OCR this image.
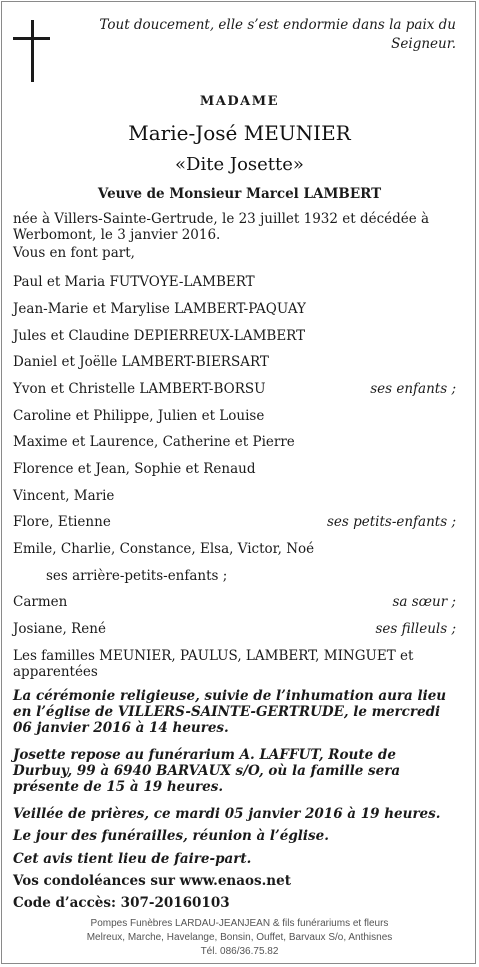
Tout doucement, elle s’est endormie dans la paix du Seigneur.
MADAME
Marie-José MEUNIER
«Dite Josette»
Veuve de Monsieur Marcel LAMBERT
née à Villers-Sainte-Gertrude, le 23 juillet 1932 et décédée à Werbomont, le 3 janvier 2016.
Vous en font part,
Paul et Maria FUTVOYE-LAMBERT
Jean-Marie et Marylise LAMBERT-PAQUAY
Jules et Claudine DEPIERREUX-LAMBERT
Daniel et Joëlle LAMBERT-BIERSART
Yvon et Christelle LAMBERT-BORSU	ses enfants ;
Caroline et Philippe, Julien et Louise
Maxime et Laurence, Catherine et Pierre
Florence et Jean, Sophie et Renaud
Vincent, Marie
Flore, Etienne	ses petits-enfants ;
Emile, Charlie, Constance, Elsa, Victor, Noé
ses arrière-petits-enfants ;
Carmen	sa sœur ;
Josiane, René	ses filleuls ;
Les familles MEUNIER, PAULUS, LAMBERT, MINGUET et apparentées
La cérémonie religieuse, suivie de l’inhumation aura lieu en l’église de VILLERS-SAINTE-GERTRUDE, le mercredi 06 janvier 2016 à 14 heures.
Josette repose au funérarium A. LAFFUT, Route de Durbuy, 99 à 6940 BARVAUX s/O, où la famille sera présente de 15 à 19 heures.
Veillée de prières, ce mardi 05 janvier 2016 à 19 heures.
Le jour des funérailles, réunion à l’église.
Cet avis tient lieu de faire-part.
Vos condoléances sur www.enaos.net
Code d’accès: 307-20160103
Pompes Funèbres LARDAU-JEANJEAN & fils funérariums et fleurs
Melreux, Marche, Havelange, Bonsin, Ouffet, Barvaux S/o, Anthisnes
Tél. 086/36.75.82
